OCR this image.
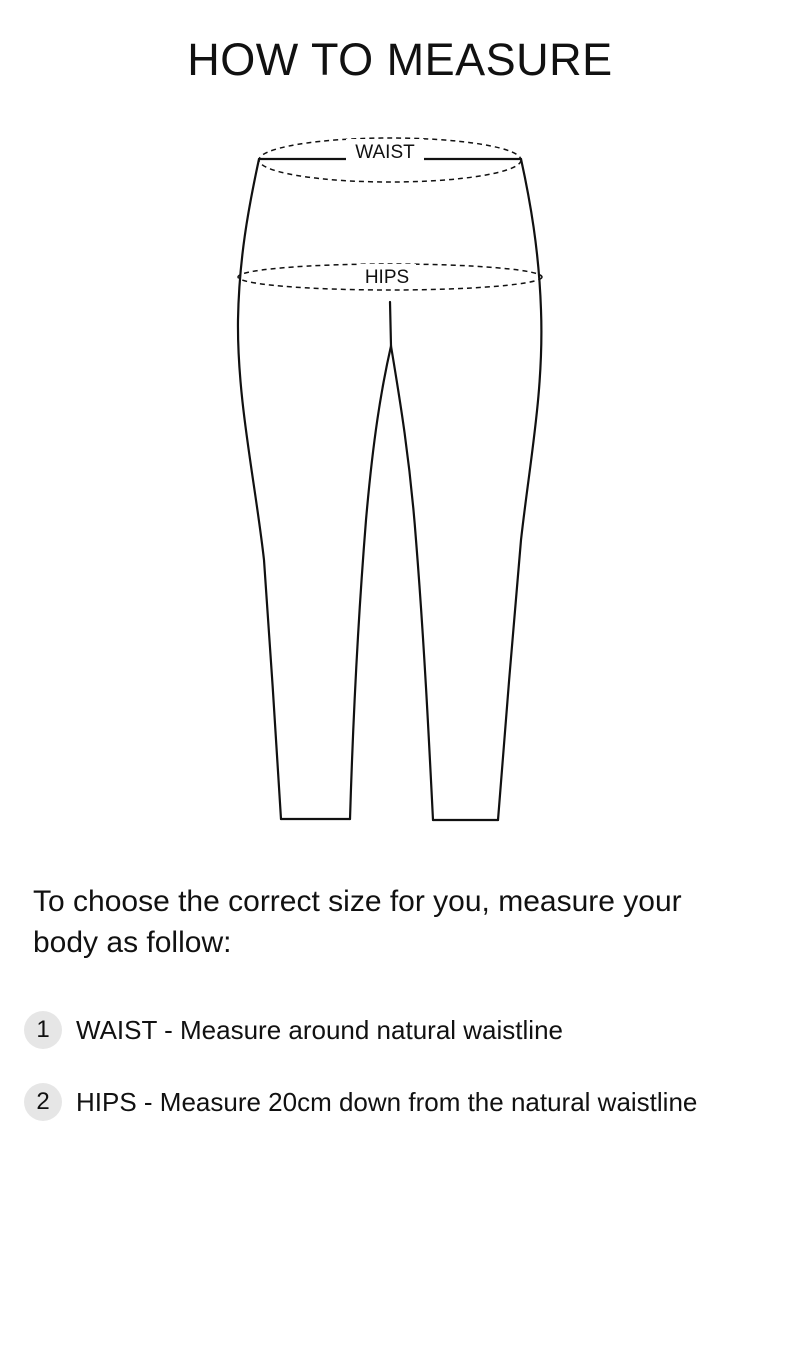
HOW TO MEASURE
WAIST
HIPS
To choose the correct size for you, measure your body as follow:
1	WAIST - Measure around natural waistline
2	HIPS - Measure 20cm down from the natural waistline
